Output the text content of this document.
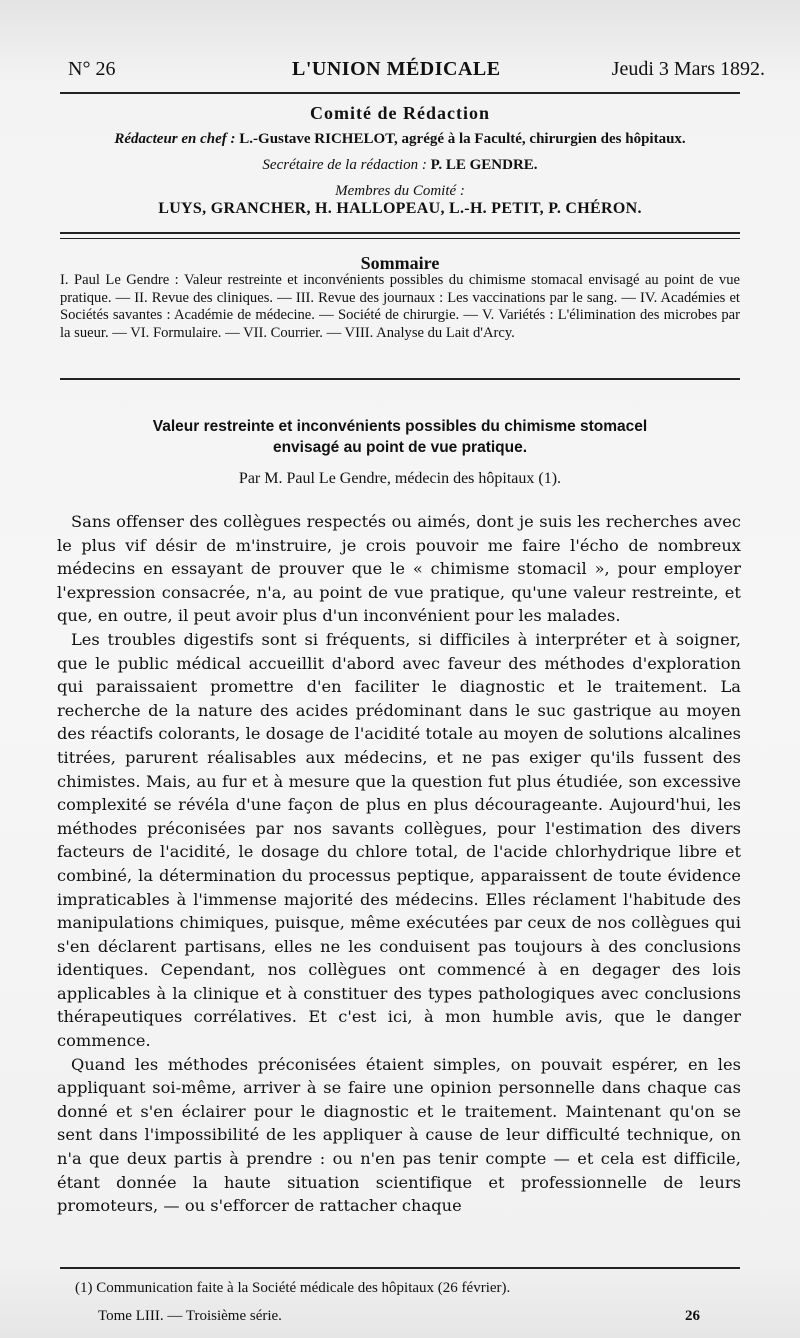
N° 26	L'UNION MÉDICALE	Jeudi 3 Mars 1892.
Comité de Rédaction
Rédacteur en chef : L.-Gustave RICHELOT, agrégé à la Faculté, chirurgien des hôpitaux.
Secrétaire de la rédaction : P. LE GENDRE.
Membres du Comité :
LUYS, GRANCHER, H. HALLOPEAU, L.-H. PETIT, P. CHÉRON.
Sommaire
I. Paul Le Gendre : Valeur restreinte et inconvénients possibles du chimisme stomacal envisagé au point de vue pratique. — II. Revue des cliniques. — III. Revue des journaux : Les vaccinations par le sang. — IV. Académies et Sociétés savantes : Académie de médecine. — Société de chirurgie. — V. Variétés : L'élimination des microbes par la sueur. — VI. Formulaire. — VII. Courrier. — VIII. Analyse du Lait d'Arcy.
Valeur restreinte et inconvénients possibles du chimisme stomacel
envisagé au point de vue pratique.
Par M. Paul Le Gendre, médecin des hôpitaux (1).

Sans offenser des collègues respectés ou aimés, dont je suis les recherches avec le plus vif désir de m'instruire, je crois pouvoir me faire l'écho de nombreux médecins en essayant de prouver que le « chimisme stomacil », pour employer l'expression consacrée, n'a, au point de vue pratique, qu'une valeur restreinte, et que, en outre, il peut avoir plus d'un inconvénient pour les malades.

Les troubles digestifs sont si fréquents, si difficiles à interpréter et à soigner, que le public médical accueillit d'abord avec faveur des méthodes d'exploration qui paraissaient promettre d'en faciliter le diagnostic et le traitement. La recherche de la nature des acides prédominant dans le suc gastrique au moyen des réactifs colorants, le dosage de l'acidité totale au moyen de solutions alcalines titrées, parurent réalisables aux médecins, et ne pas exiger qu'ils fussent des chimistes. Mais, au fur et à mesure que la question fut plus étudiée, son excessive complexité se révéla d'une façon de plus en plus décourageante. Aujourd'hui, les méthodes préconisées par nos savants collègues, pour l'estimation des divers facteurs de l'acidité, le dosage du chlore total, de l'acide chlorhydrique libre et combiné, la détermination du processus peptique, apparaissent de toute évidence impraticables à l'immense majorité des médecins. Elles réclament l'habitude des manipulations chimiques, puisque, même exécutées par ceux de nos collègues qui s'en déclarent partisans, elles ne les conduisent pas toujours à des conclusions identiques. Cependant, nos collègues ont commencé à en degager des lois applicables à la clinique et à constituer des types pathologiques avec conclusions thérapeutiques corrélatives. Et c'est ici, à mon humble avis, que le danger commence.

Quand les méthodes préconisées étaient simples, on pouvait espérer, en les appliquant soi-même, arriver à se faire une opinion personnelle dans chaque cas donné et s'en éclairer pour le diagnostic et le traitement. Maintenant qu'on se sent dans l'impossibilité de les appliquer à cause de leur difficulté technique, on n'a que deux partis à prendre : ou n'en pas tenir compte — et cela est difficile, étant donnée la haute situation scientifique et professionnelle de leurs promoteurs, — ou s'efforcer de rattacher chaque

(1) Communication faite à la Société médicale des hôpitaux (26 février).
Tome LIII. — Troisième série.	26
